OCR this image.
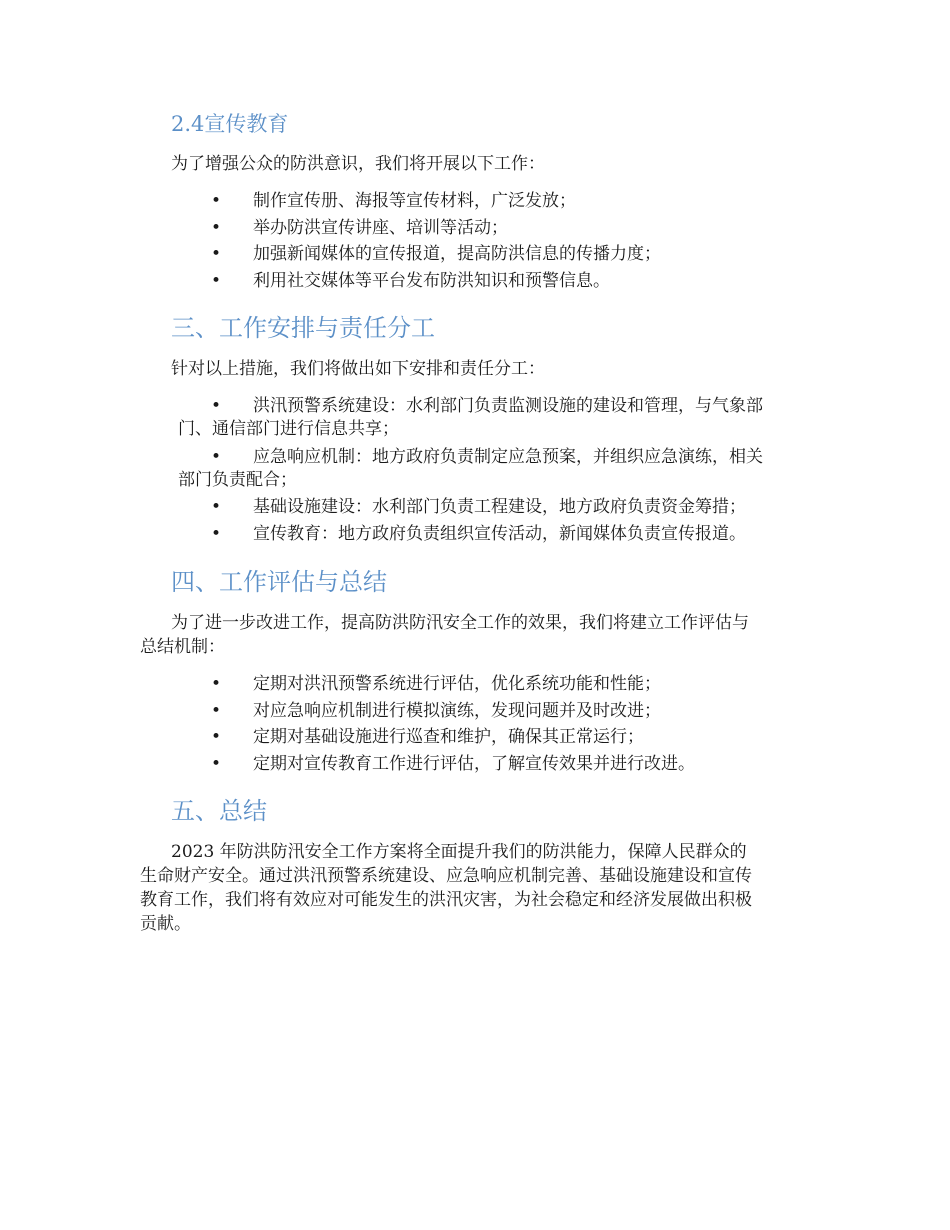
2.4宣传教育

为了增强公众的防洪意识，我们将开展以下工作：

• 制作宣传册、海报等宣传材料，广泛发放；
• 举办防洪宣传讲座、培训等活动；
• 加强新闻媒体的宣传报道，提高防洪信息的传播力度；
• 利用社交媒体等平台发布防洪知识和预警信息。
三、工作安排与责任分工

针对以上措施，我们将做出如下安排和责任分工：

• 洪汛预警系统建设：水利部门负责监测设施的建设和管理，与气象部
门、通信部门进行信息共享；
• 应急响应机制：地方政府负责制定应急预案，并组织应急演练，相关
部门负责配合；
• 基础设施建设：水利部门负责工程建设，地方政府负责资金筹措；
• 宣传教育：地方政府负责组织宣传活动，新闻媒体负责宣传报道。
四、工作评估与总结

为了进一步改进工作，提高防洪防汛安全工作的效果，我们将建立工作评估与

总结机制：

• 定期对洪汛预警系统进行评估，优化系统功能和性能；
• 对应急响应机制进行模拟演练，发现问题并及时改进；
• 定期对基础设施进行巡查和维护，确保其正常运行；
• 定期对宣传教育工作进行评估，了解宣传效果并进行改进。
五、总结

2023 年防洪防汛安全工作方案将全面提升我们的防洪能力，保障人民群众的

生命财产安全。通过洪汛预警系统建设、应急响应机制完善、基础设施建设和宣传

教育工作，我们将有效应对可能发生的洪汛灾害，为社会稳定和经济发展做出积极

贡献。
